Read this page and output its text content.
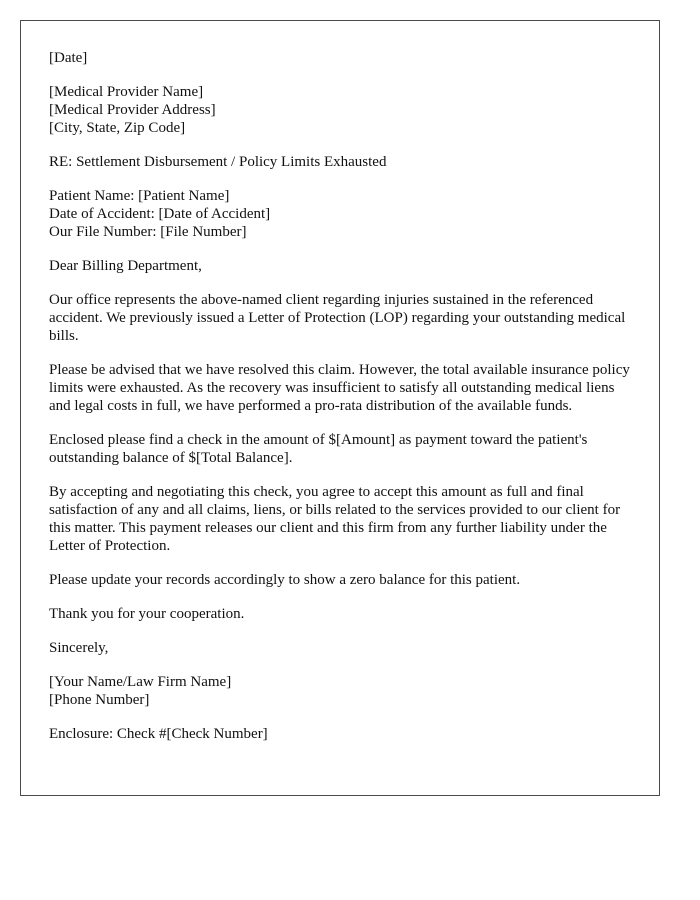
[Date]
[Medical Provider Name]
[Medical Provider Address]
[City, State, Zip Code]
RE: Settlement Disbursement / Policy Limits Exhausted
Patient Name: [Patient Name]
Date of Accident: [Date of Accident]
Our File Number: [File Number]
Dear Billing Department,

Our office represents the above-named client regarding injuries sustained in the referenced accident. We previously issued a Letter of Protection (LOP) regarding your outstanding medical bills.

Please be advised that we have resolved this claim. However, the total available insurance policy limits were exhausted. As the recovery was insufficient to satisfy all outstanding medical liens and legal costs in full, we have performed a pro-rata distribution of the available funds.

Enclosed please find a check in the amount of $[Amount] as payment toward the patient's outstanding balance of $[Total Balance].

By accepting and negotiating this check, you agree to accept this amount as full and final satisfaction of any and all claims, liens, or bills related to the services provided to our client for this matter. This payment releases our client and this firm from any further liability under the Letter of Protection.

Please update your records accordingly to show a zero balance for this patient.

Thank you for your cooperation.

Sincerely,
[Your Name/Law Firm Name]
[Phone Number]
Enclosure: Check #[Check Number]
